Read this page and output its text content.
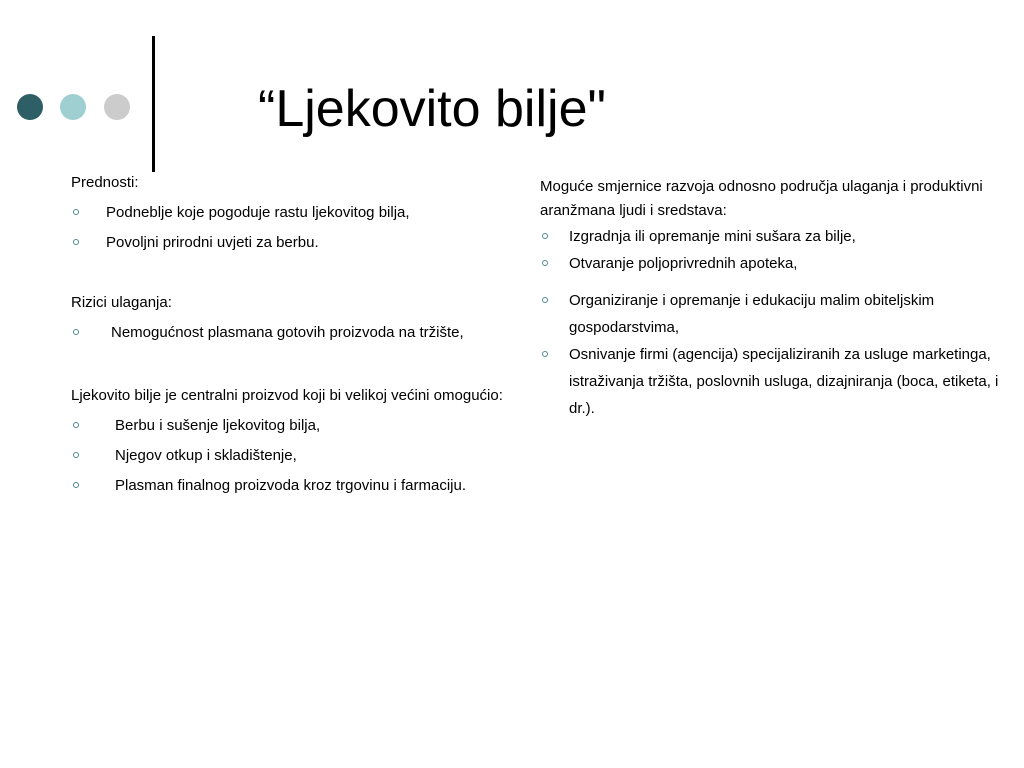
“Ljekovito bilje"

Prednosti:

Podneblje koje pogoduje rastu ljekovitog bilja,
Povoljni prirodni uvjeti za berbu.

Rizici ulaganja:

Nemogućnost plasmana gotovih proizvoda na tržište,

Ljekovito bilje je centralni proizvod koji bi velikoj većini omogućio:

Berbu i sušenje ljekovitog bilja,
Njegov otkup i skladištenje,
Plasman finalnog proizvoda kroz trgovinu i farmaciju.

Moguće smjernice razvoja odnosno područja ulaganja i produktivni aranžmana ljudi i sredstava:

Izgradnja ili opremanje mini sušara za bilje,
Otvaranje poljoprivrednih apoteka,
Organiziranje i opremanje i edukaciju malim obiteljskim gospodarstvima,
Osnivanje firmi (agencija) specijaliziranih za usluge marketinga, istraživanja tržišta, poslovnih usluga, dizajniranja (boca, etiketa, i dr.).
